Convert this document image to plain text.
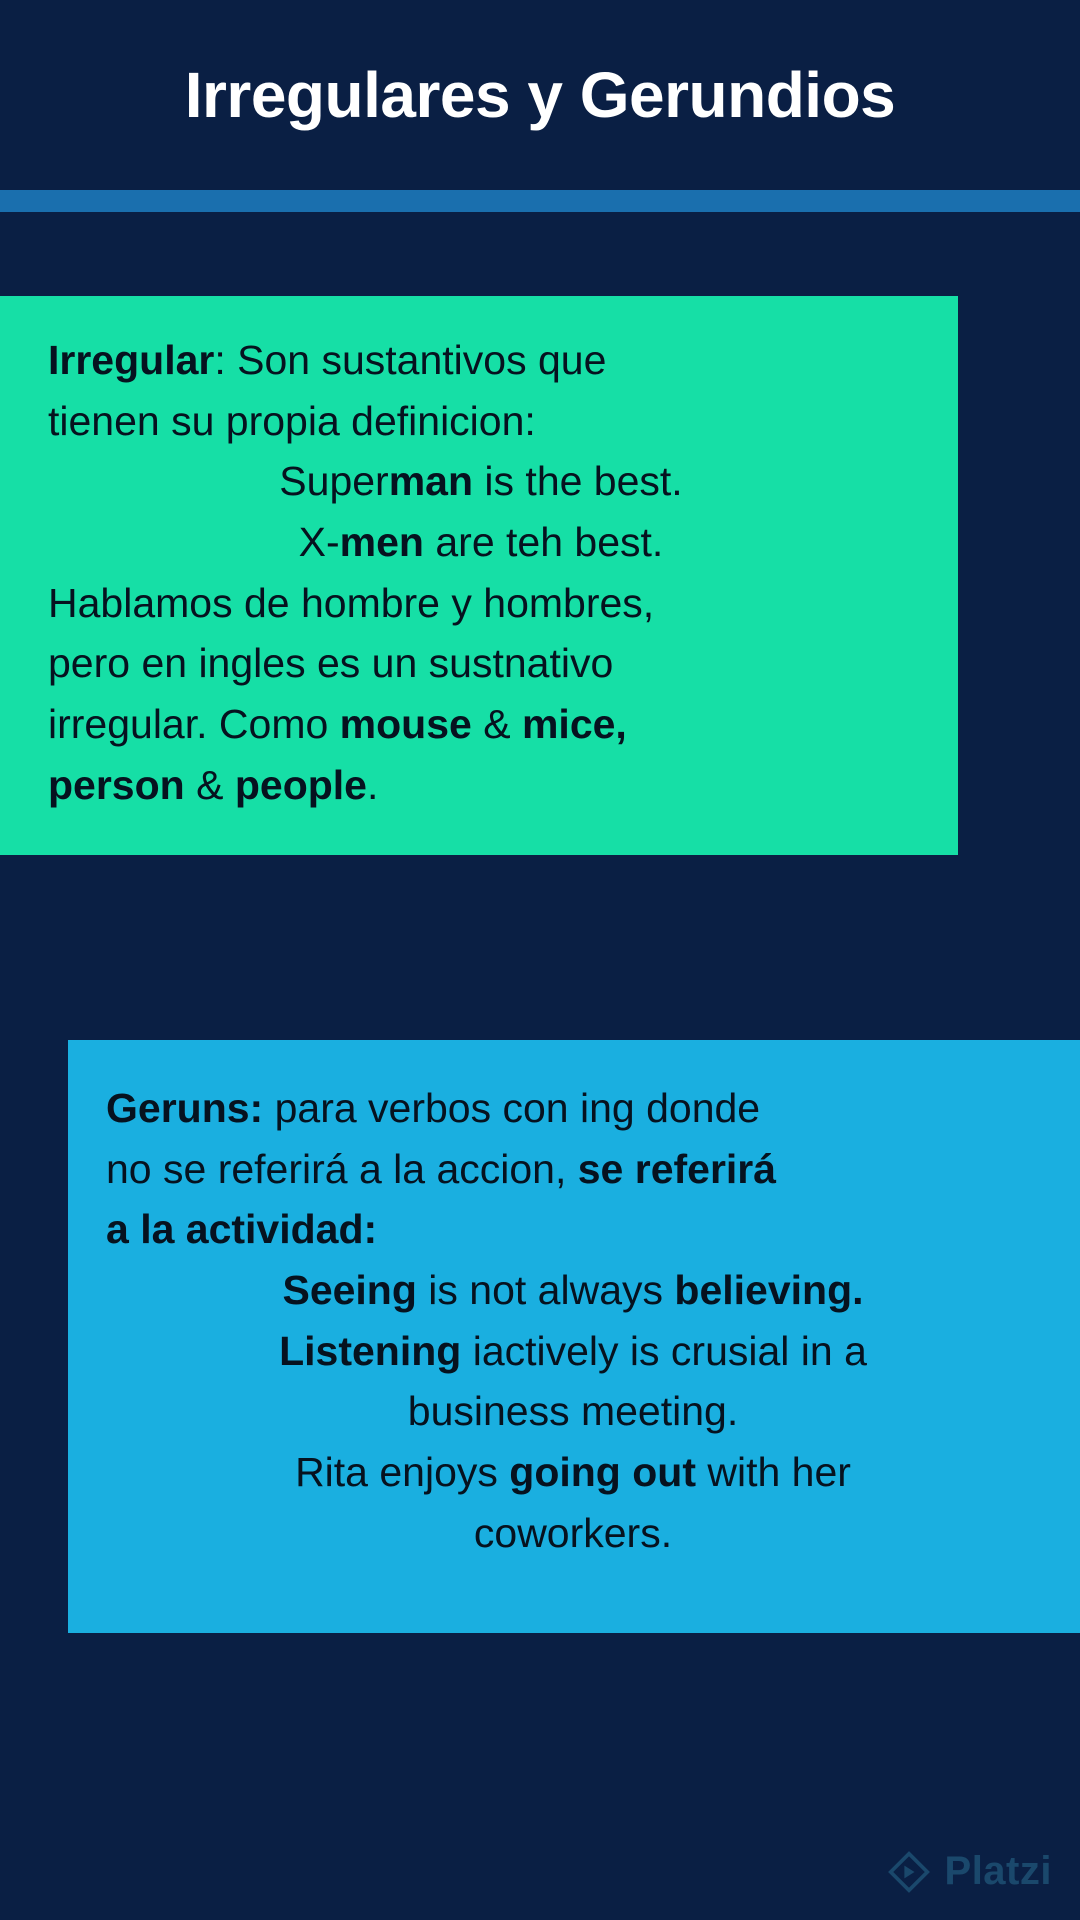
Irregulares y Gerundios
Irregular: Son sustantivos que
tienen su propia definicion:
Superman is the best.
X-men are teh best.
Hablamos de hombre y hombres,
pero en ingles es un sustnativo
irregular. Como mouse & mice,
person & people.
Geruns: para verbos con ing donde
no se referirá a la accion, se referirá
a la actividad:
Seeing is not always believing.
Listening iactively is crusial in a
business meeting.
Rita enjoys going out with her
coworkers.
Platzi
